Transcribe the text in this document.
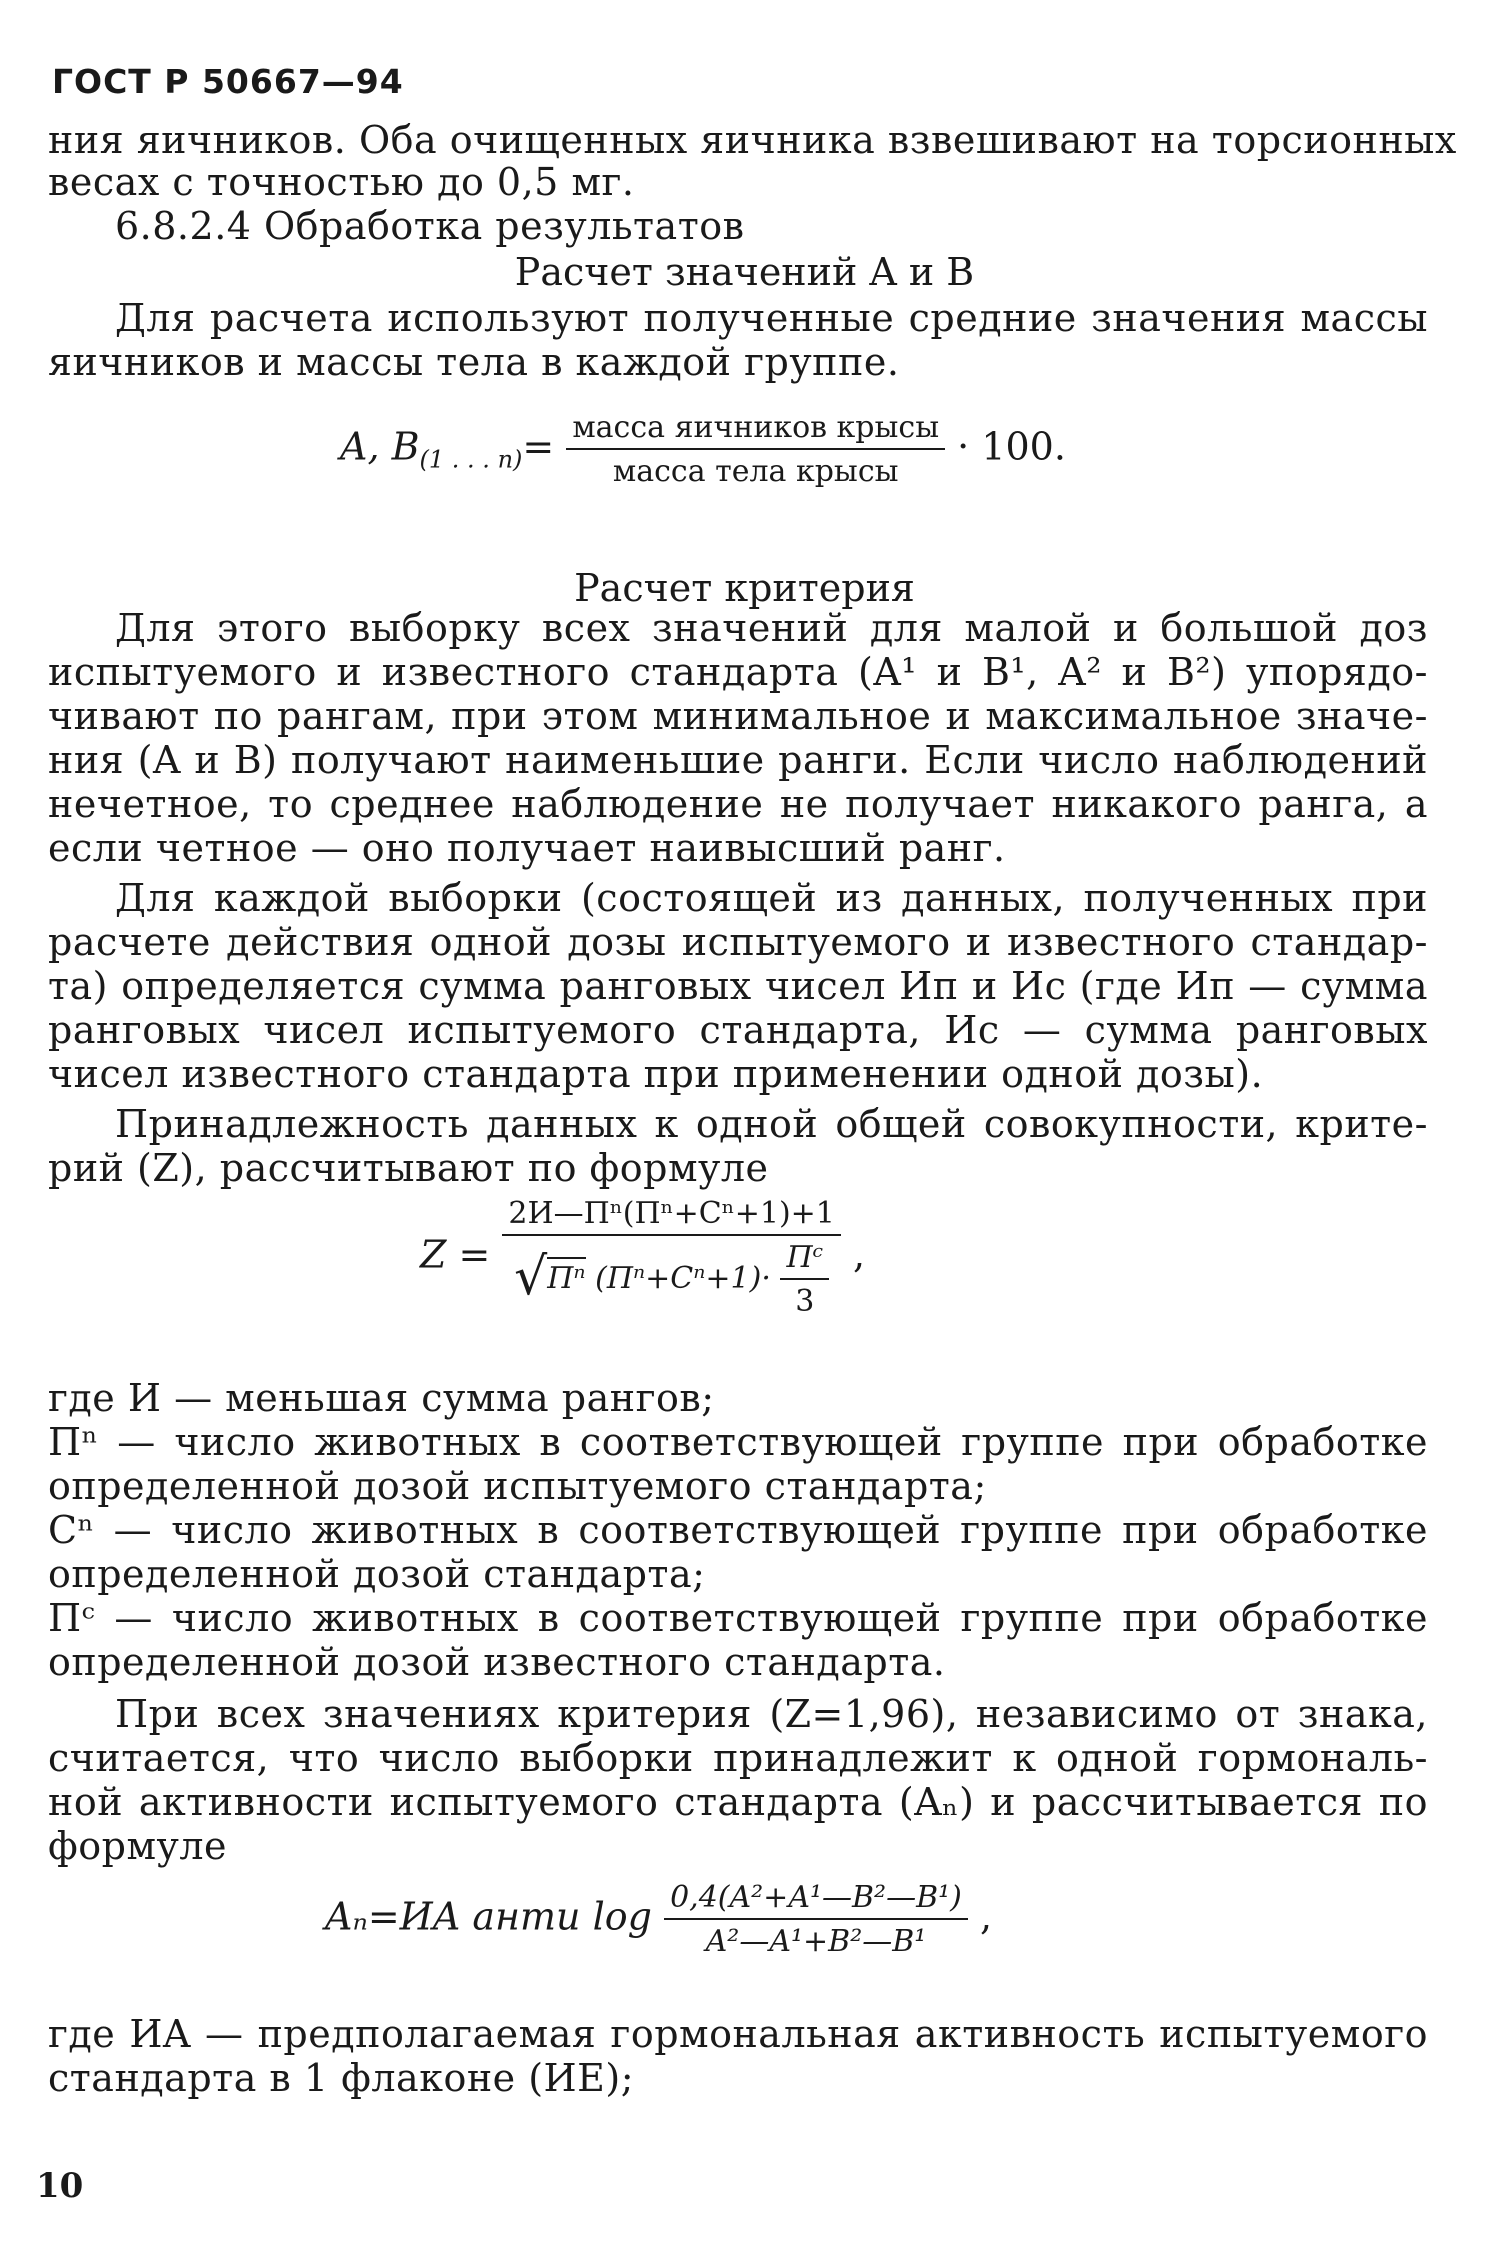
ГОСТ Р 50667—94
ния яичников. Оба очищенных яичника взвешивают на торсионных
весах с точностью до 0,5 мг.
6.8.2.4 Обработка результатов
Расчет значений A и B
Для расчета используют полученные средние значения массы
яичников и массы тела в каждой группе.
A, $B_{(1 . . . n)}= \frac{\text{масса яичников крысы}}{\text{масса тела крысы}} \cdot 100$.
Расчет критерия
Для этого выборку всех значений для малой и большой доз
испытуемого и известного стандарта (A¹ и B¹, A² и B²) упорядо-
чивают по рангам, при этом минимальное и максимальное значе-
ния (A и B) получают наименьшие ранги. Если число наблюдений
нечетное, то среднее наблюдение не получает никакого ранга, а
если четное — оно получает наивысший ранг.
Для каждой выборки (состоящей из данных, полученных при
расчете действия одной дозы испытуемого и известного стандар-
та) определяется сумма ранговых чисел Ип и Ис (где Ип — сумма
ранговых чисел испытуемого стандарта, Ис — сумма ранговых
чисел известного стандарта при применении одной дозы).
Принадлежность данных к одной общей совокупности, крите-
рий (Z), рассчитывают по формуле
$Z = \frac{\text{2И—Пⁿ(Пⁿ+Cⁿ+1)+1}}{√П^n (П^n+C^n+1)\cdot \frac{\text{Пᶜ}}{3}}$ ,
где И — меньшая сумма рангов;
Пⁿ — число животных в соответствующей группе при обработке
определенной дозой испытуемого стандарта;
Cⁿ — число животных в соответствующей группе при обработке
определенной дозой стандарта;
Пᶜ — число животных в соответствующей группе при обработке
определенной дозой известного стандарта.
При всех значениях критерия (Z=1,96), независимо от знака,
считается, что число выборки принадлежит к одной гормональ-
ной активности испытуемого стандарта (Aₙ) и рассчитывается по
формуле
Aₙ=ИA анти $\log \frac{\text{0,4(A²+A¹—B²—B¹)}}{\text{A²—A¹+B²—B¹}}$ ,
где ИA — предполагаемая гормональная активность испытуемого
стандарта в 1 флаконе (ИЕ);
10
